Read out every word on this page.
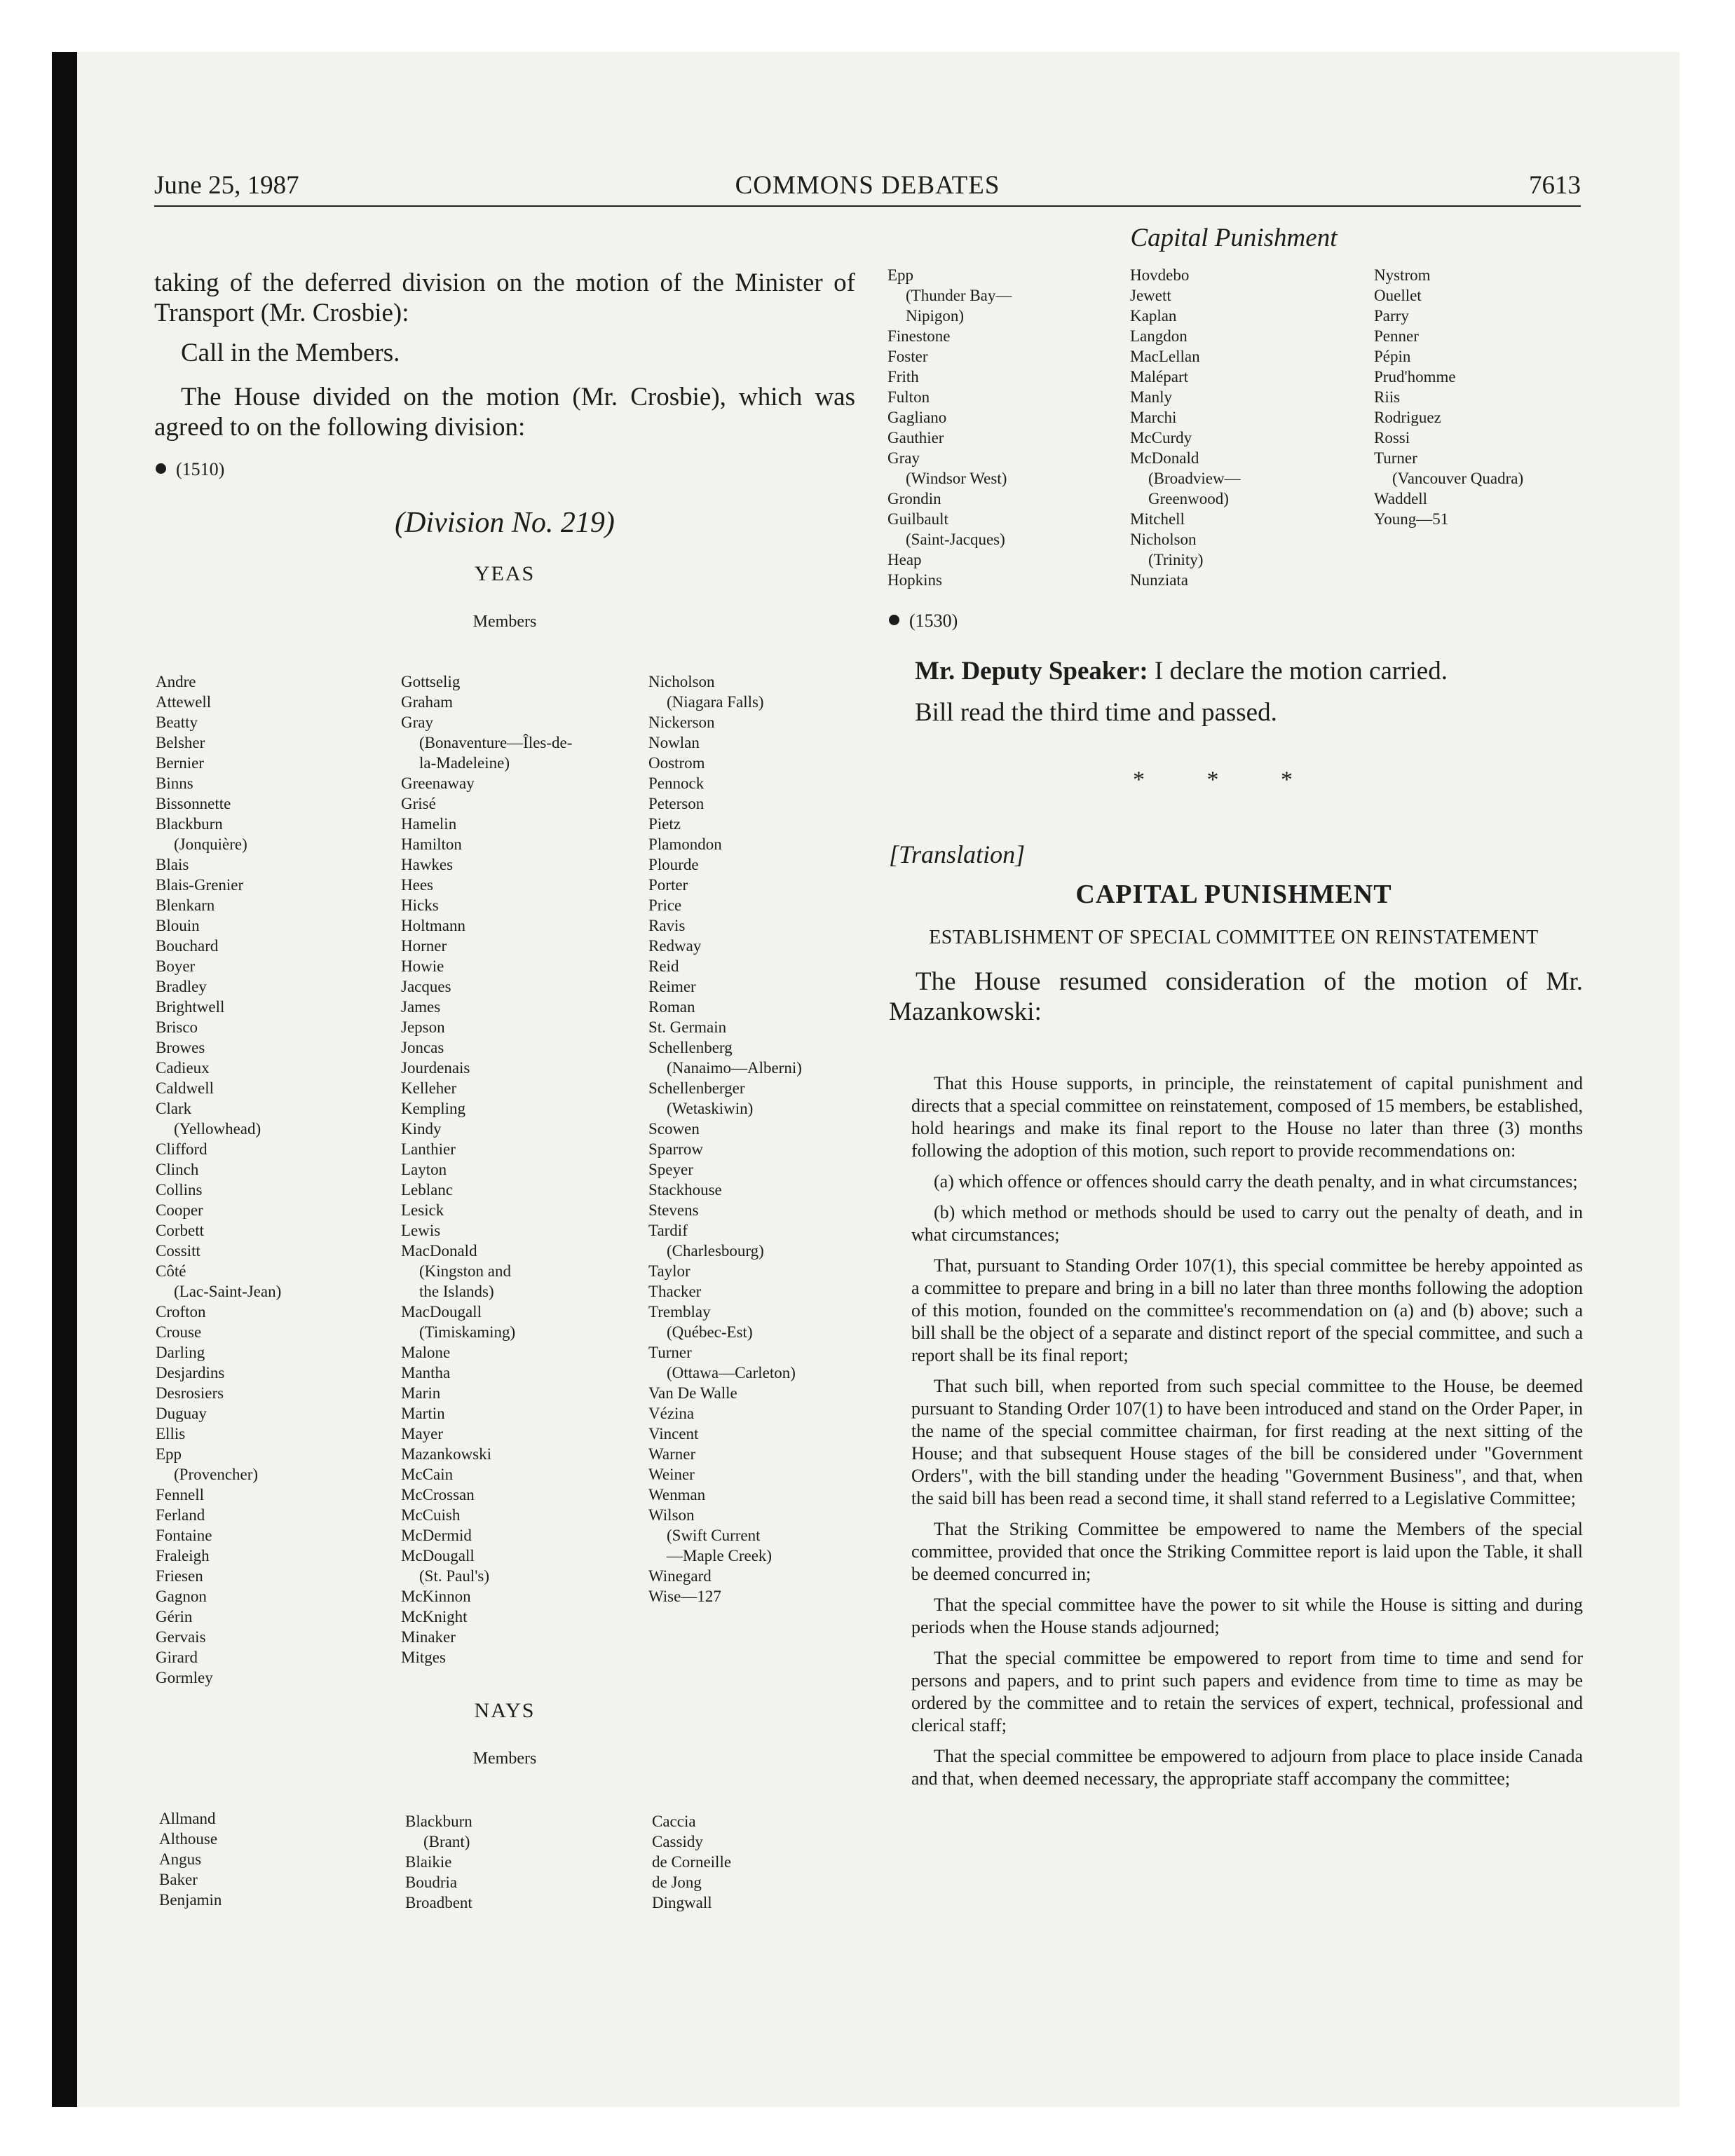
June 25, 1987	COMMONS DEBATES	7613
Capital Punishment
taking of the deferred division on the motion of the Minister of Transport (Mr. Crosbie):
Call in the Members.
The House divided on the motion (Mr. Crosbie), which was agreed to on the following division:
(1510)
(Division No. 219)
YEAS
Members
Andre
Attewell
Beatty
Belsher
Bernier
Binns
Bissonnette
Blackburn
(Jonquière)
Blais
Blais-Grenier
Blenkarn
Blouin
Bouchard
Boyer
Bradley
Brightwell
Brisco
Browes
Cadieux
Caldwell
Clark
(Yellowhead)
Clifford
Clinch
Collins
Cooper
Corbett
Cossitt
Côté
(Lac-Saint-Jean)
Crofton
Crouse
Darling
Desjardins
Desrosiers
Duguay
Ellis
Epp
(Provencher)
Fennell
Ferland
Fontaine
Fraleigh
Friesen
Gagnon
Gérin
Gervais
Girard
Gormley
Gottselig
Graham
Gray
(Bonaventure—Îles-de-
la-Madeleine)
Greenaway
Grisé
Hamelin
Hamilton
Hawkes
Hees
Hicks
Holtmann
Horner
Howie
Jacques
James
Jepson
Joncas
Jourdenais
Kelleher
Kempling
Kindy
Lanthier
Layton
Leblanc
Lesick
Lewis
MacDonald
(Kingston and
the Islands)
MacDougall
(Timiskaming)
Malone
Mantha
Marin
Martin
Mayer
Mazankowski
McCain
McCrossan
McCuish
McDermid
McDougall
(St. Paul's)
McKinnon
McKnight
Minaker
Mitges
Nicholson
(Niagara Falls)
Nickerson
Nowlan
Oostrom
Pennock
Peterson
Pietz
Plamondon
Plourde
Porter
Price
Ravis
Redway
Reid
Reimer
Roman
St. Germain
Schellenberg
(Nanaimo—Alberni)
Schellenberger
(Wetaskiwin)
Scowen
Sparrow
Speyer
Stackhouse
Stevens
Tardif
(Charlesbourg)
Taylor
Thacker
Tremblay
(Québec-Est)
Turner
(Ottawa—Carleton)
Van De Walle
Vézina
Vincent
Warner
Weiner
Wenman
Wilson
(Swift Current
—Maple Creek)
Winegard
Wise—127
NAYS
Members
Allmand
Althouse
Angus
Baker
Benjamin
Blackburn
(Brant)
Blaikie
Boudria
Broadbent
Caccia
Cassidy
de Corneille
de Jong
Dingwall
Epp
(Thunder Bay—
Nipigon)
Finestone
Foster
Frith
Fulton
Gagliano
Gauthier
Gray
(Windsor West)
Grondin
Guilbault
(Saint-Jacques)
Heap
Hopkins
Hovdebo
Jewett
Kaplan
Langdon
MacLellan
Malépart
Manly
Marchi
McCurdy
McDonald
(Broadview—
Greenwood)
Mitchell
Nicholson
(Trinity)
Nunziata
Nystrom
Ouellet
Parry
Penner
Pépin
Prud'homme
Riis
Rodriguez
Rossi
Turner
(Vancouver Quadra)
Waddell
Young—51
(1530)
Mr. Deputy Speaker: I declare the motion carried.
Bill read the third time and passed.
* * *
[Translation]
CAPITAL PUNISHMENT
ESTABLISHMENT OF SPECIAL COMMITTEE ON REINSTATEMENT
The House resumed consideration of the motion of Mr. Mazankowski:

That this House supports, in principle, the reinstatement of capital punishment and directs that a special committee on reinstatement, composed of 15 members, be established, hold hearings and make its final report to the House no later than three (3) months following the adoption of this motion, such report to provide recommendations on:

(a) which offence or offences should carry the death penalty, and in what circumstances;

(b) which method or methods should be used to carry out the penalty of death, and in what circumstances;

That, pursuant to Standing Order 107(1), this special committee be hereby appointed as a committee to prepare and bring in a bill no later than three months following the adoption of this motion, founded on the committee's recommendation on (a) and (b) above; such a bill shall be the object of a separate and distinct report of the special committee, and such a report shall be its final report;

That such bill, when reported from such special committee to the House, be deemed pursuant to Standing Order 107(1) to have been introduced and stand on the Order Paper, in the name of the special committee chairman, for first reading at the next sitting of the House; and that subsequent House stages of the bill be considered under "Government Orders", with the bill standing under the heading "Government Business", and that, when the said bill has been read a second time, it shall stand referred to a Legislative Committee;

That the Striking Committee be empowered to name the Members of the special committee, provided that once the Striking Committee report is laid upon the Table, it shall be deemed concurred in;

That the special committee have the power to sit while the House is sitting and during periods when the House stands adjourned;

That the special committee be empowered to report from time to time and send for persons and papers, and to print such papers and evidence from time to time as may be ordered by the committee and to retain the services of expert, technical, professional and clerical staff;

That the special committee be empowered to adjourn from place to place inside Canada and that, when deemed necessary, the appropriate staff accompany the committee;
